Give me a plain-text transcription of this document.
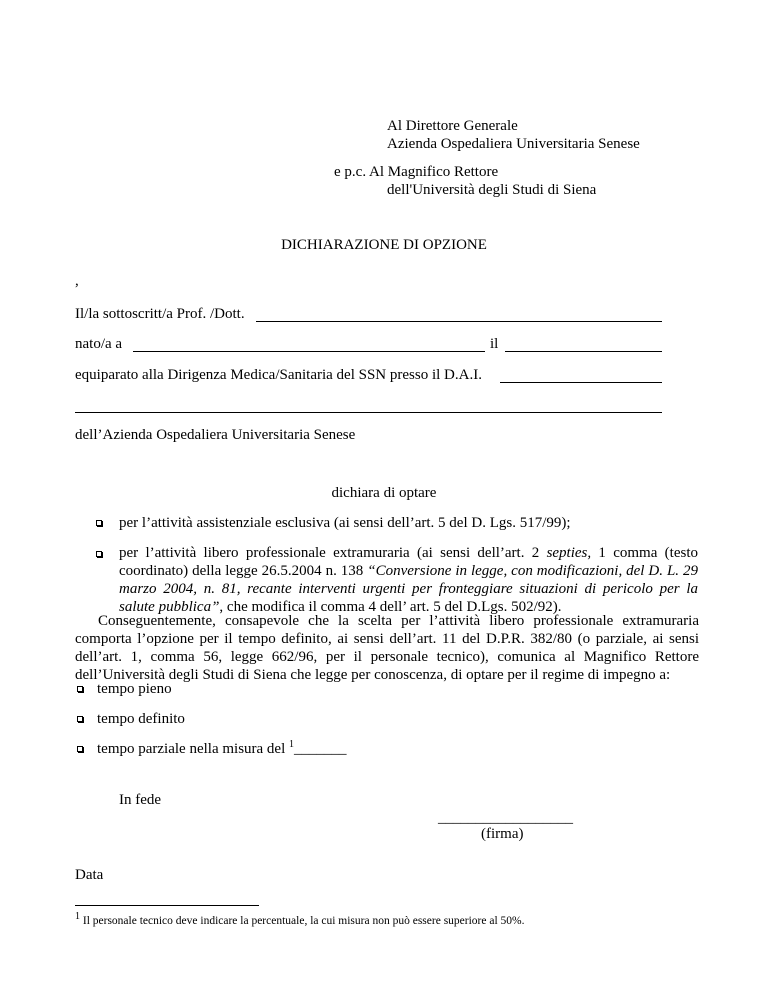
Al Direttore Generale
Azienda Ospedaliera Universitaria Senese
e p.c. Al Magnifico Rettore
dell'Università degli Studi di Siena
DICHIARAZIONE DI OPZIONE
,
Il/la sottoscritt/a Prof. /Dott.
nato/a a	il
equiparato alla Dirigenza Medica/Sanitaria del SSN presso il D.A.I.
dell’Azienda Ospedaliera Universitaria Senese
dichiara di optare
per l’attività assistenziale esclusiva (ai sensi dell’art. 5 del D. Lgs. 517/99);
per l’attività libero professionale extramuraria (ai sensi dell’art. 2 septies, 1 comma (testo coordinato) della legge 26.5.2004 n. 138 “Conversione in legge, con modificazioni, del D. L. 29 marzo 2004, n. 81, recante interventi urgenti per fronteggiare situazioni di pericolo per la salute pubblica”, che modifica il comma 4 dell’ art. 5 del D.Lgs. 502/92).
Conseguentemente, consapevole che la scelta per l’attività libero professionale extramuraria comporta l’opzione per il tempo definito, ai sensi dell’art. 11 del D.P.R. 382/80 (o parziale, ai sensi dell’art. 1, comma 56, legge 662/96, per il personale tecnico), comunica al Magnifico Rettore dell’Università degli Studi di Siena che legge per conoscenza, di optare per il regime di impegno a:
tempo pieno
tempo definito
tempo parziale nella misura del $^1$_______
In fede
__________________
(firma)
Data
$^1$ Il personale tecnico deve indicare la percentuale, la cui misura non può essere superiore al 50%.
